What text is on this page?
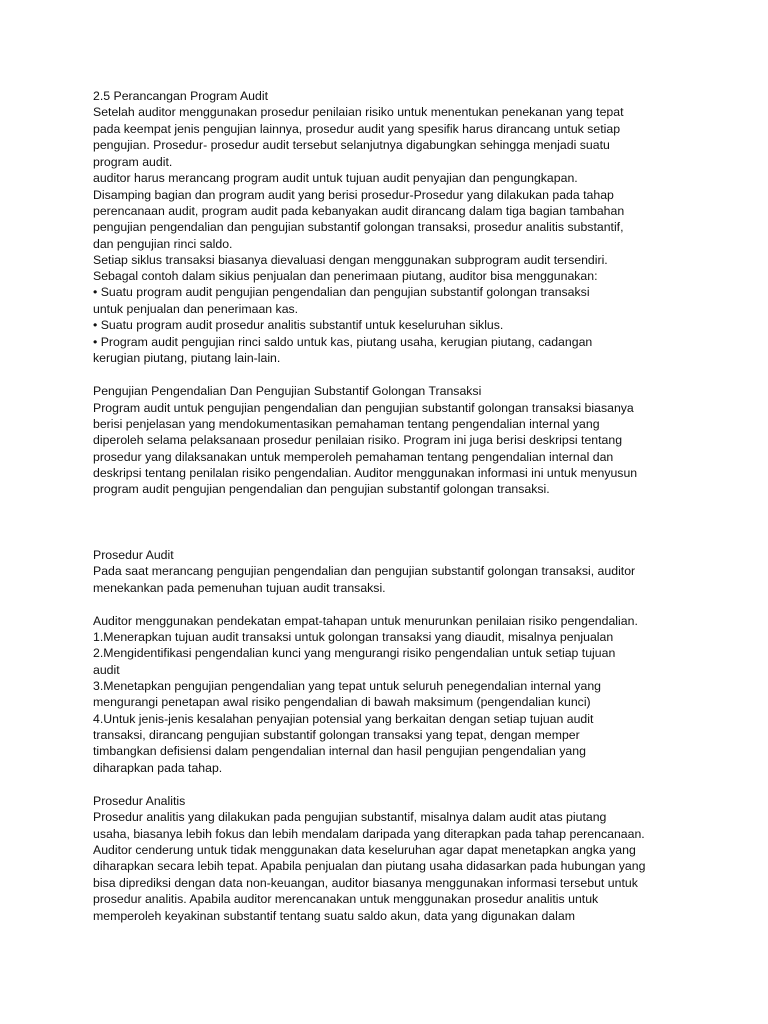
2.5 Perancangan Program Audit

Setelah auditor menggunakan prosedur penilaian risiko untuk menentukan penekanan yang tepat

pada keempat jenis pengujian lainnya, prosedur audit yang spesifik harus dirancang untuk setiap

pengujian. Prosedur- prosedur audit tersebut selanjutnya digabungkan sehingga menjadi suatu

program audit.

auditor harus merancang program audit untuk tujuan audit penyajian dan pengungkapan.

Disamping bagian dan program audit yang berisi prosedur-Prosedur yang dilakukan pada tahap

perencanaan audit, program audit pada kebanyakan audit dirancang dalam tiga bagian tambahan

pengujian pengendalian dan pengujian substantif golongan transaksi, prosedur analitis substantif,

dan pengujian rinci saldo.

Setiap siklus transaksi biasanya dievaluasi dengan menggunakan subprogram audit tersendiri.

Sebagal contoh dalam sikius penjualan dan penerimaan piutang, auditor bisa menggunakan:

• Suatu program audit pengujian pengendalian dan pengujian substantif golongan transaksi

untuk penjualan dan penerimaan kas.

• Suatu program audit prosedur analitis substantif untuk keseluruhan siklus.

• Program audit pengujian rinci saldo untuk kas, piutang usaha, kerugian piutang, cadangan

kerugian piutang, piutang lain-lain.

Pengujian Pengendalian Dan Pengujian Substantif Golongan Transaksi

Program audit untuk pengujian pengendalian dan pengujian substantif golongan transaksi biasanya

berisi penjelasan yang mendokumentasikan pemahaman tentang pengendalian internal yang

diperoleh selama pelaksanaan prosedur penilaian risiko. Program ini juga berisi deskripsi tentang

prosedur yang dilaksanakan untuk memperoleh pemahaman tentang pengendalian internal dan

deskripsi tentang penilalan risiko pengendalian. Auditor menggunakan informasi ini untuk menyusun

program audit pengujian pengendalian dan pengujian substantif golongan transaksi.

Prosedur Audit

Pada saat merancang pengujian pengendalian dan pengujian substantif golongan transaksi, auditor

menekankan pada pemenuhan tujuan audit transaksi.

Auditor menggunakan pendekatan empat-tahapan untuk menurunkan penilaian risiko pengendalian.

1.Menerapkan tujuan audit transaksi untuk golongan transaksi yang diaudit, misalnya penjualan

2.Mengidentifikasi pengendalian kunci yang mengurangi risiko pengendalian untuk setiap tujuan

audit

3.Menetapkan pengujian pengendalian yang tepat untuk seluruh penegendalian internal yang

mengurangi penetapan awal risiko pengendalian di bawah maksimum (pengendalian kunci)

4.Untuk jenis-jenis kesalahan penyajian potensial yang berkaitan dengan setiap tujuan audit

transaksi, dirancang pengujian substantif golongan transaksi yang tepat, dengan memper

timbangkan defisiensi dalam pengendalian internal dan hasil pengujian pengendalian yang

diharapkan pada tahap.

Prosedur Analitis

Prosedur analitis yang dilakukan pada pengujian substantif, misalnya dalam audit atas piutang

usaha, biasanya lebih fokus dan lebih mendalam daripada yang diterapkan pada tahap perencanaan.

Auditor cenderung untuk tidak menggunakan data keseluruhan agar dapat menetapkan angka yang

diharapkan secara lebih tepat. Apabila penjualan dan piutang usaha didasarkan pada hubungan yang

bisa diprediksi dengan data non-keuangan, auditor biasanya menggunakan informasi tersebut untuk

prosedur analitis. Apabila auditor merencanakan untuk menggunakan prosedur analitis untuk

memperoleh keyakinan substantif tentang suatu saldo akun, data yang digunakan dalam
